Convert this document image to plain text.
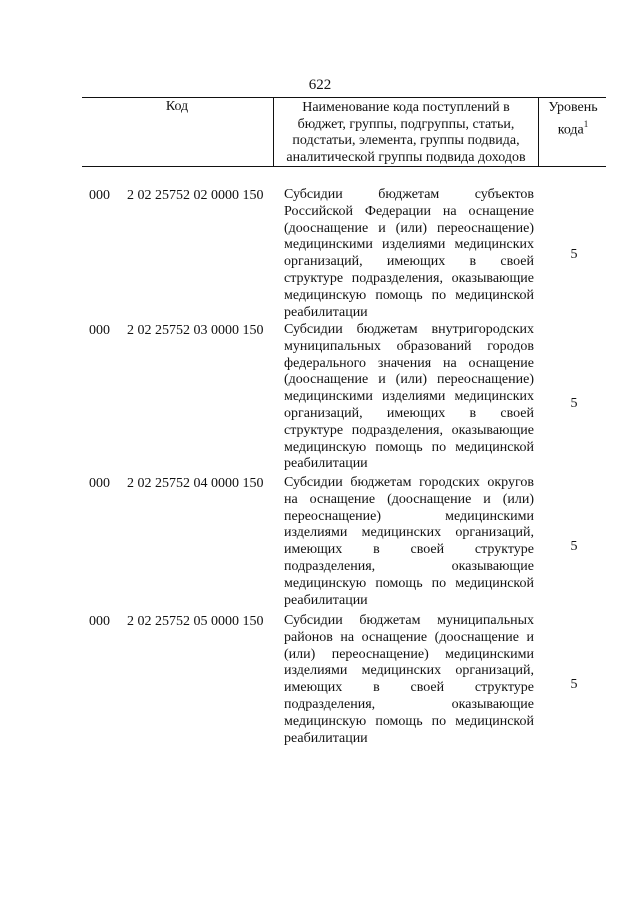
622
Код	Наименование кода поступлений в
бюджет, группы, подгруппы, статьи,
подстатьи, элемента, группы подвида,
аналитической группы подвида доходов
Уровень
кода$^1$
000 2 02 25752 02 0000 150 Субсидии бюджетам субъектов
Российской Федерации на оснащение
(дооснащение и (или) переоснащение)
медицинскими изделиями медицинских
организаций, имеющих в своей
структуре подразделения, оказывающие
медицинскую помощь по медицинской
реабилитации
5
000 2 02 25752 03 0000 150 Субсидии бюджетам внутригородских
муниципальных образований городов
федерального значения на оснащение
(дооснащение и (или) переоснащение)
медицинскими изделиями медицинских
организаций, имеющих в своей
структуре подразделения, оказывающие
медицинскую помощь по медицинской
реабилитации
5
000 2 02 25752 04 0000 150 Субсидии бюджетам городских округов
на оснащение (дооснащение и (или)
переоснащение) медицинскими
изделиями медицинских организаций,
имеющих в своей структуре
подразделения, оказывающие
медицинскую помощь по медицинской
реабилитации
5
000 2 02 25752 05 0000 150 Субсидии бюджетам муниципальных
районов на оснащение (дооснащение и
(или) переоснащение) медицинскими
изделиями медицинских организаций,
имеющих в своей структуре
подразделения, оказывающие
медицинскую помощь по медицинской
реабилитации
5
